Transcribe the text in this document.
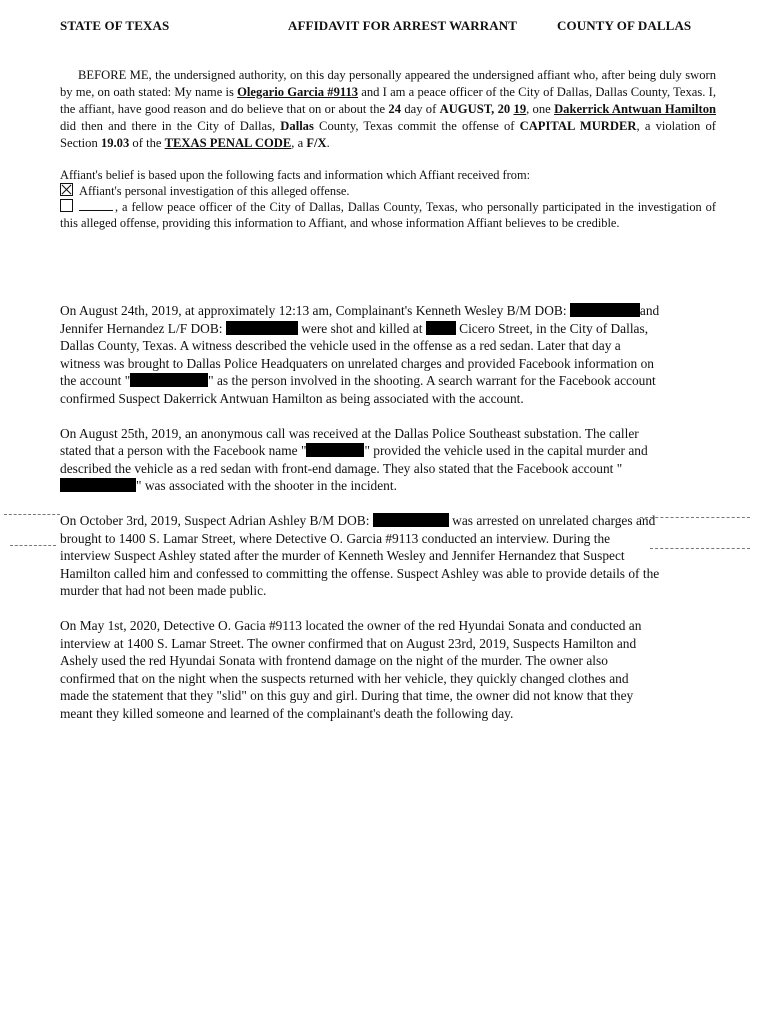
STATE OF TEXAS	AFFIDAVIT FOR ARREST WARRANT	COUNTY OF DALLAS

BEFORE ME, the undersigned authority, on this day personally appeared the undersigned affiant who, after being duly sworn by me, on oath stated: My name is Olegario Garcia #9113 and I am a peace officer of the City of Dallas, Dallas County, Texas. I, the affiant, have good reason and do believe that on or about the 24 day of AUGUST, 20 19, one Dakerrick Antwuan Hamilton did then and there in the City of Dallas, Dallas County, Texas commit the offense of CAPITAL MURDER, a violation of Section 19.03 of the TEXAS PENAL CODE, a F/X.

Affiant's belief is based upon the following facts and information which Affiant received from:

Affiant's personal investigation of this alleged offense.

, a fellow peace officer of the City of Dallas, Dallas County, Texas, who personally participated in the investigation of this alleged offense, providing this information to Affiant, and whose information Affiant believes to be credible.

On August 24th, 2019, at approximately 12:13 am, Complainant's Kenneth Wesley B/M DOB:	and Jennifer Hernandez L/F DOB:	were shot and killed at  Cicero Street, in the City of Dallas, Dallas County, Texas. A witness described the vehicle used in the offense as a red sedan. Later that day a witness was brought to Dallas Police Headquaters on unrelated charges and provided Facebook information on the account "	" as the person involved in the shooting. A search warrant for the Facebook account confirmed Suspect Dakerrick Antwuan Hamilton as being associated with the account.

On August 25th, 2019, an anonymous call was received at the Dallas Police Southeast substation. The caller stated that a person with the Facebook name "	" provided the vehicle used in the capital murder and described the vehicle as a red sedan with front-end damage. They also stated that the Facebook account "" was associated with the shooter in the incident.

On October 3rd, 2019, Suspect Adrian Ashley B/M DOB:	was arrested on unrelated charges and brought to 1400 S. Lamar Street, where Detective O. Garcia #9113 conducted an interview. During the interview Suspect Ashley stated after the murder of Kenneth Wesley and Jennifer Hernandez that Suspect Hamilton called him and confessed to committing the offense. Suspect Ashley was able to provide details of the murder that had not been made public.

On May 1st, 2020, Detective O. Gacia #9113 located the owner of the red Hyundai Sonata and conducted an interview at 1400 S. Lamar Street. The owner confirmed that on August 23rd, 2019, Suspects Hamilton and Ashely used the red Hyundai Sonata with frontend damage on the night of the murder. The owner also confirmed that on the night when the suspects returned with her vehicle, they quickly changed clothes and made the statement that they "slid" on this guy and girl. During that time, the owner did not know that they meant they killed someone and learned of the complainant's death the following day.
